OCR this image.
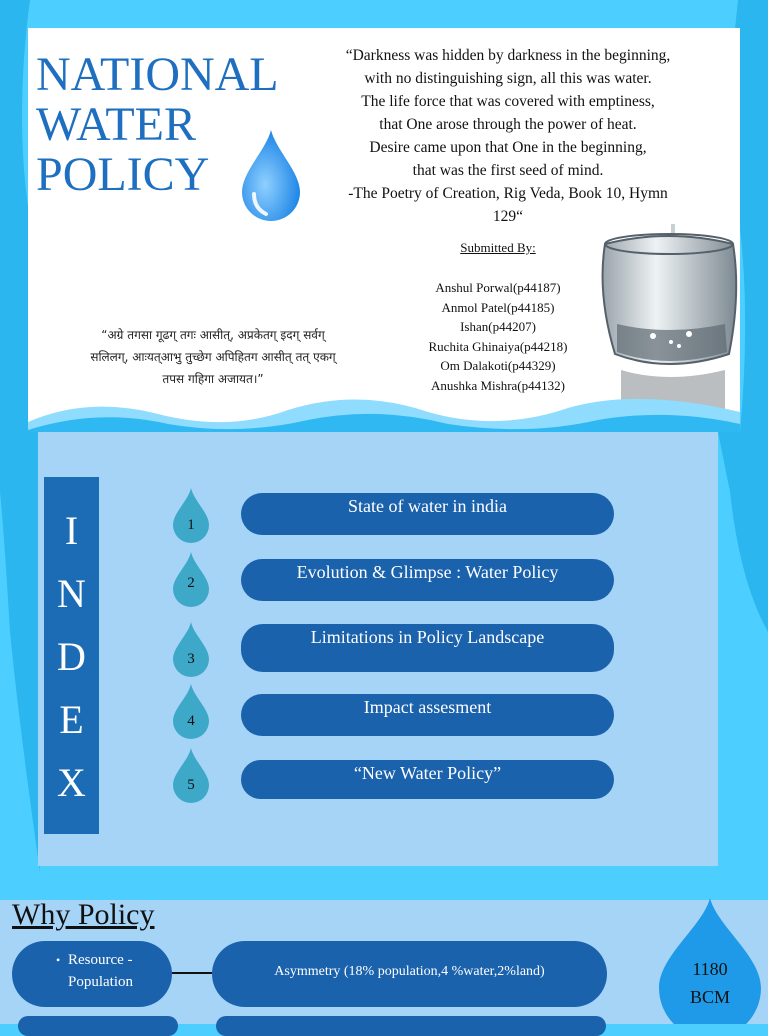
NATIONAL
WATER
POLICY
“Darkness was hidden by darkness in the beginning,
with no distinguishing sign, all this was water.
The life force that was covered with emptiness,
that One arose through the power of heat.
Desire came upon that One in the beginning,
that was the first seed of mind.
-The Poetry of Creation, Rig Veda, Book 10, Hymn
129“
Submitted By:
Anshul Porwal(p44187)
Anmol Patel(p44185)
Ishan(p44207)
Ruchita Ghinaiya(p44218)
Om Dalakoti(p44329)
Anushka Mishra(p44132)
“अग्रे तगसा गूढग् तगः आसीत्, अप्रकेतग् इदग् सर्वग्
सलिलग्, आःयत्आभु तुच्छेग अपिहितग आसीत् तत् एकग्
तपस गहिगा अजायत।”
I
N
D
E
X
1
2
3
4
5
State of water in india
Evolution & Glimpse : Water Policy
Limitations in Policy Landscape
Impact assesment
“New Water Policy”
Why Policy
• Resource -
Population
Asymmetry (18% population,4 %water,2%land)	1180
BCM
